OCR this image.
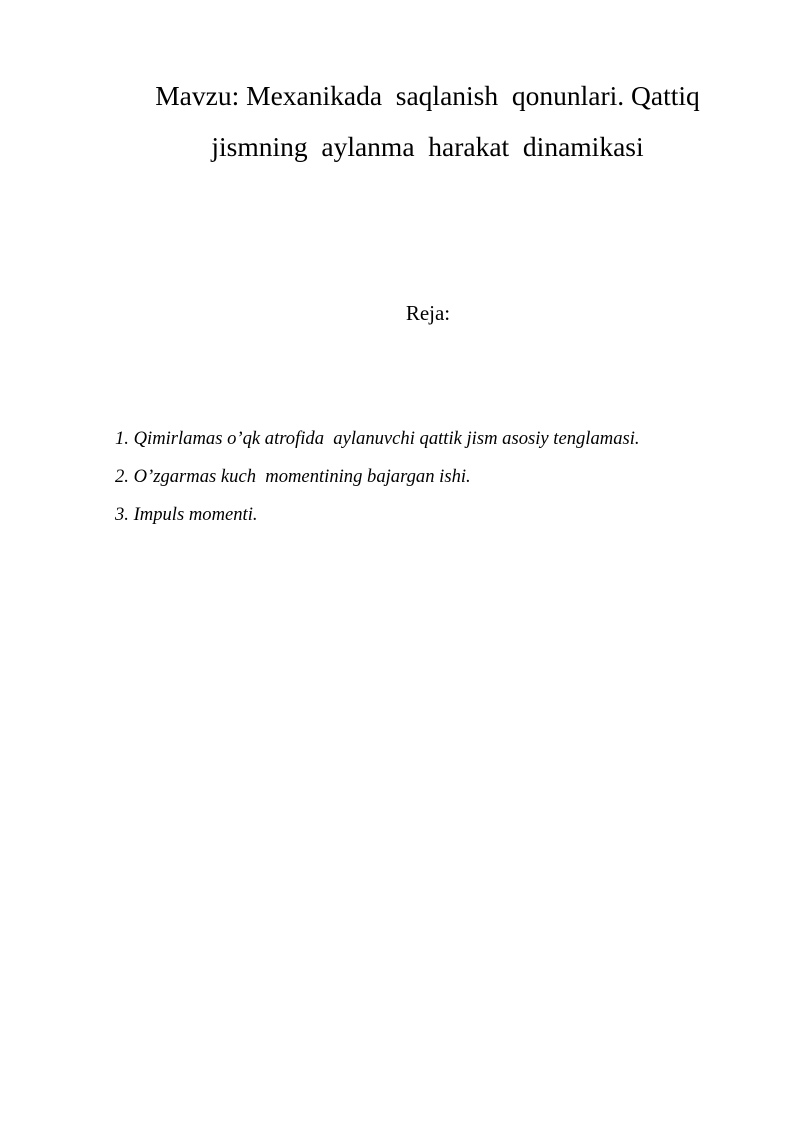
Mavzu: Mexanikada  saqlanish  qonunlari. Qattiq
jismning  aylanma  harakat  dinamikasi
Reja:
1. Qimirlamas o’qk atrofida  aylanuvchi qattik jism asosiy tenglamasi.
2. O’zgarmas kuch  momentining bajargan ishi.
3. Impuls momenti.
